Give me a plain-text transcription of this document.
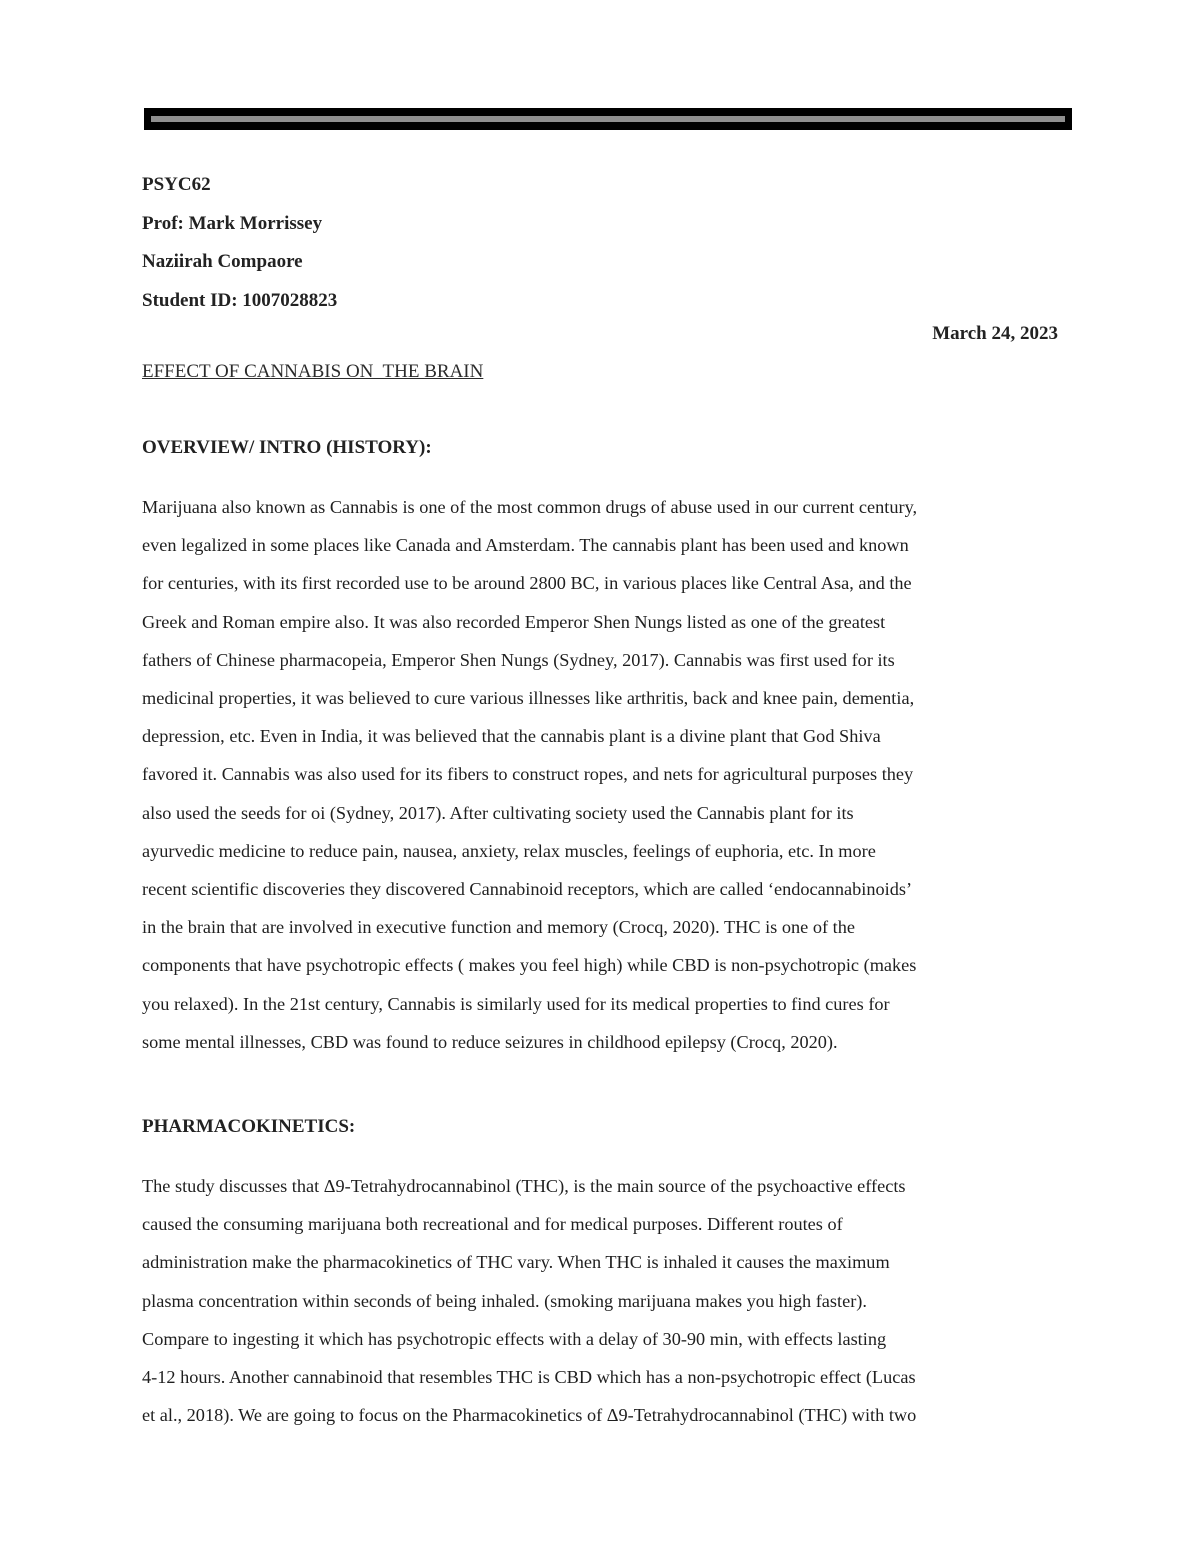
PSYC62
Prof: Mark Morrissey
Naziirah Compaore
Student ID: 1007028823
March 24, 2023
EFFECT OF CANNABIS ON  THE BRAIN
OVERVIEW/ INTRO (HISTORY):
Marijuana also known as Cannabis is one of the most common drugs of abuse used in our current century,
even legalized in some places like Canada and Amsterdam. The cannabis plant has been used and known
for centuries, with its first recorded use to be around 2800 BC, in various places like Central Asa, and the
Greek and Roman empire also. It was also recorded Emperor Shen Nungs listed as one of the greatest
fathers of Chinese pharmacopeia, Emperor Shen Nungs (Sydney, 2017). Cannabis was first used for its
medicinal properties, it was believed to cure various illnesses like arthritis, back and knee pain, dementia,
depression, etc. Even in India, it was believed that the cannabis plant is a divine plant that God Shiva
favored it. Cannabis was also used for its fibers to construct ropes, and nets for agricultural purposes they
also used the seeds for oi (Sydney, 2017). After cultivating society used the Cannabis plant for its
ayurvedic medicine to reduce pain, nausea, anxiety, relax muscles, feelings of euphoria, etc. In more
recent scientific discoveries they discovered Cannabinoid receptors, which are called ‘endocannabinoids’
in the brain that are involved in executive function and memory (Crocq, 2020). THC is one of the
components that have psychotropic effects ( makes you feel high) while CBD is non-psychotropic (makes
you relaxed). In the 21st century, Cannabis is similarly used for its medical properties to find cures for
some mental illnesses, CBD was found to reduce seizures in childhood epilepsy (Crocq, 2020).
PHARMACOKINETICS:
The study discusses that Δ9-Tetrahydrocannabinol (THC), is the main source of the psychoactive effects
caused the consuming marijuana both recreational and for medical purposes. Different routes of
administration make the pharmacokinetics of THC vary. When THC is inhaled it causes the maximum
plasma concentration within seconds of being inhaled. (smoking marijuana makes you high faster).
Compare to ingesting it which has psychotropic effects with a delay of 30-90 min, with effects lasting
4-12 hours. Another cannabinoid that resembles THC is CBD which has a non-psychotropic effect (Lucas
et al., 2018). We are going to focus on the Pharmacokinetics of Δ9-Tetrahydrocannabinol (THC) with two
